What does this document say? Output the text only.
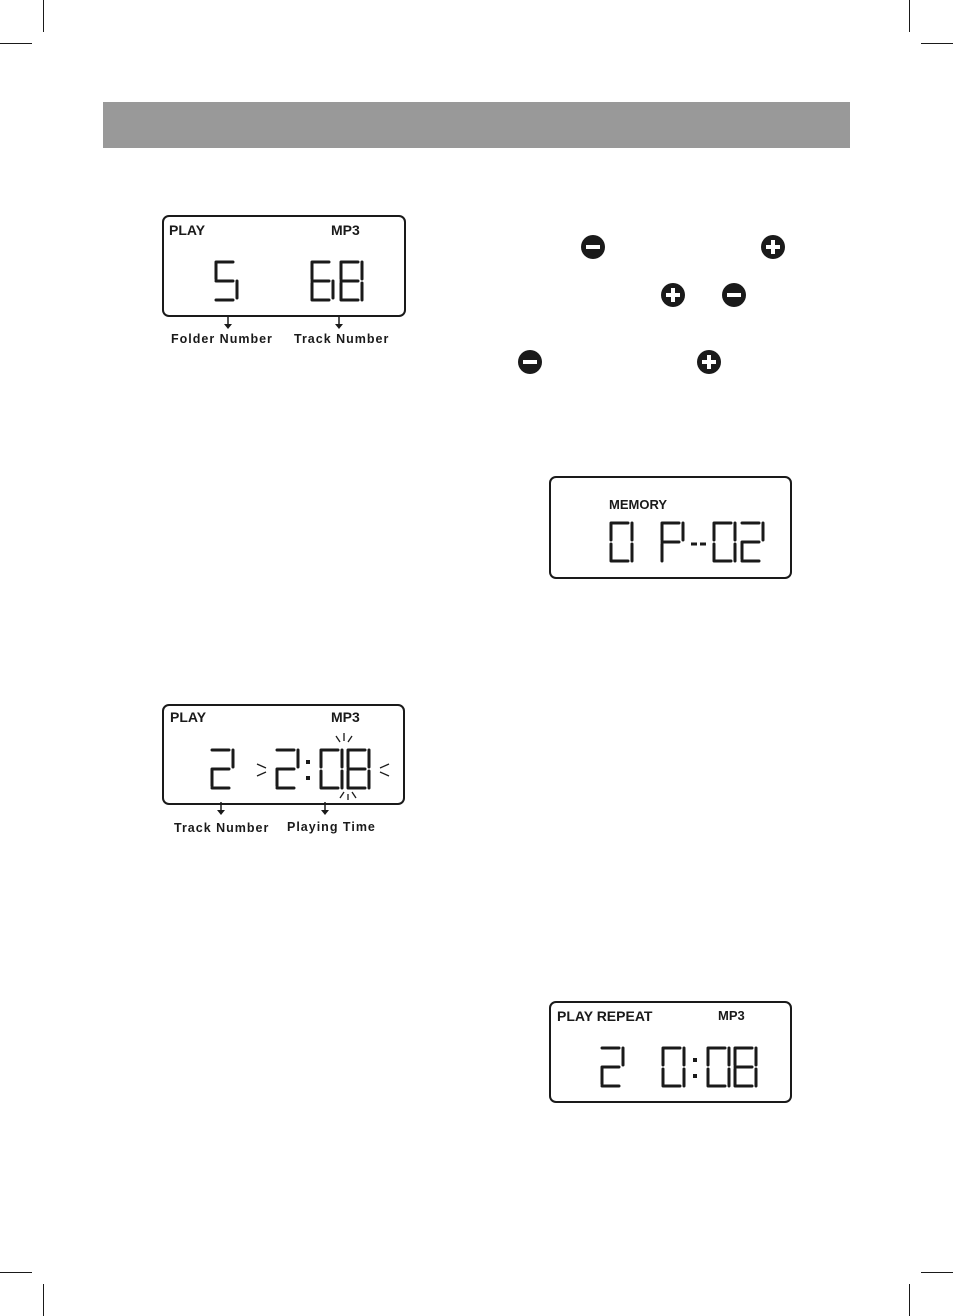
PLAY	MP3
Folder Number Track Number
MEMORY
PLAY	MP3
Track Number Playing Time
PLAY REPEAT	MP3
